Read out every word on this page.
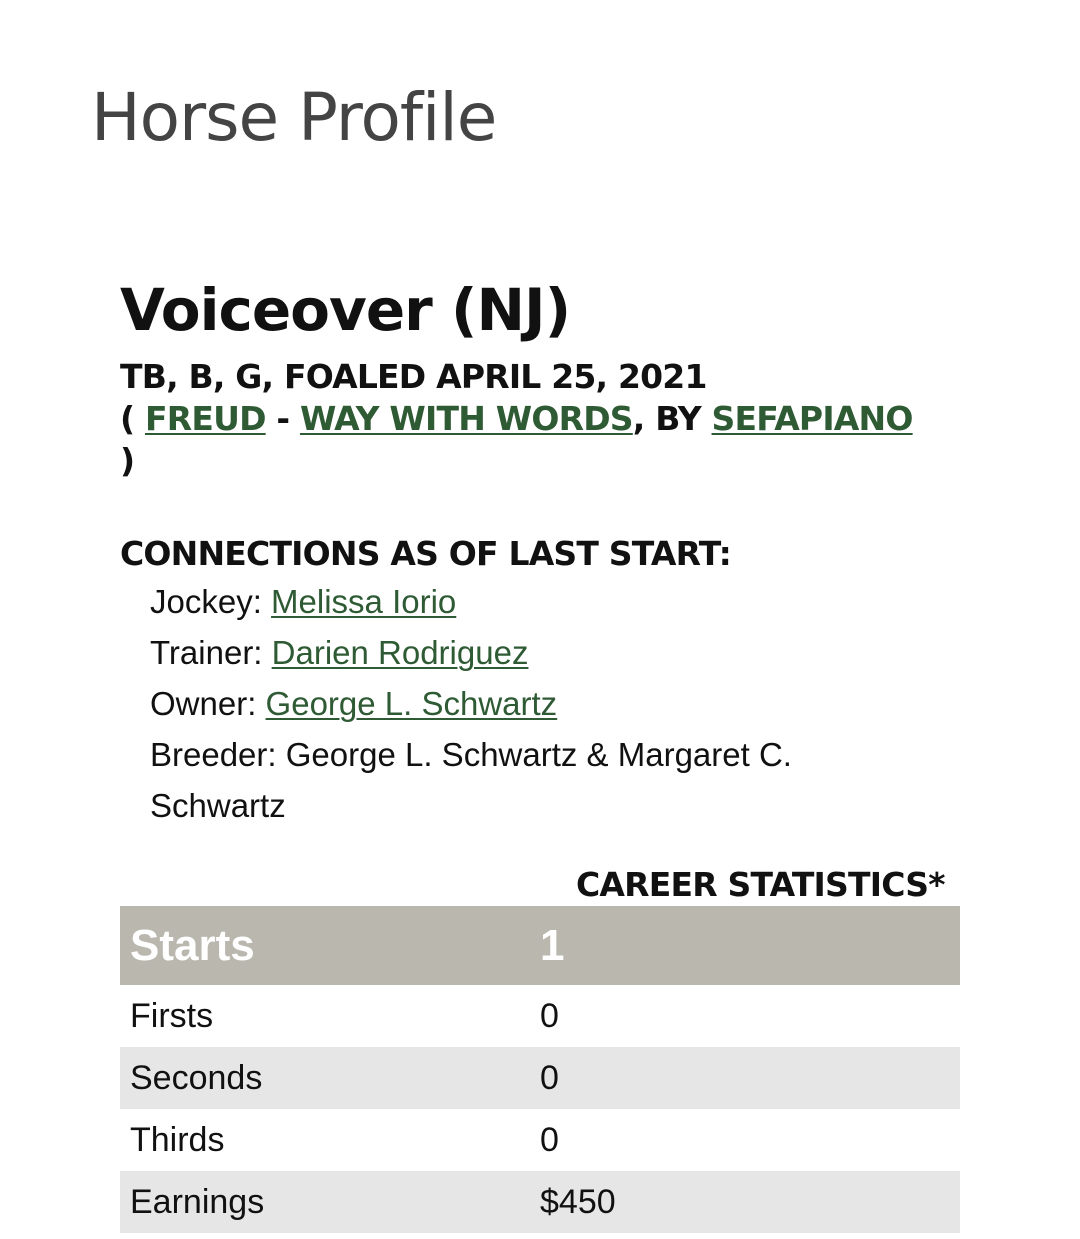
Horse Profile
Voiceover (NJ)
TB, B, G, FOALED APRIL 25, 2021
( FREUD - WAY WITH WORDS, BY SEFAPIANO
)
CONNECTIONS AS OF LAST START:
Jockey: Melissa Iorio
Trainer: Darien Rodriguez
Owner: George L. Schwartz
Breeder: George L. Schwartz & Margaret C. Schwartz
CAREER STATISTICS*
Starts	1
Firsts	0
Seconds	0
Thirds	0
Earnings	$450
